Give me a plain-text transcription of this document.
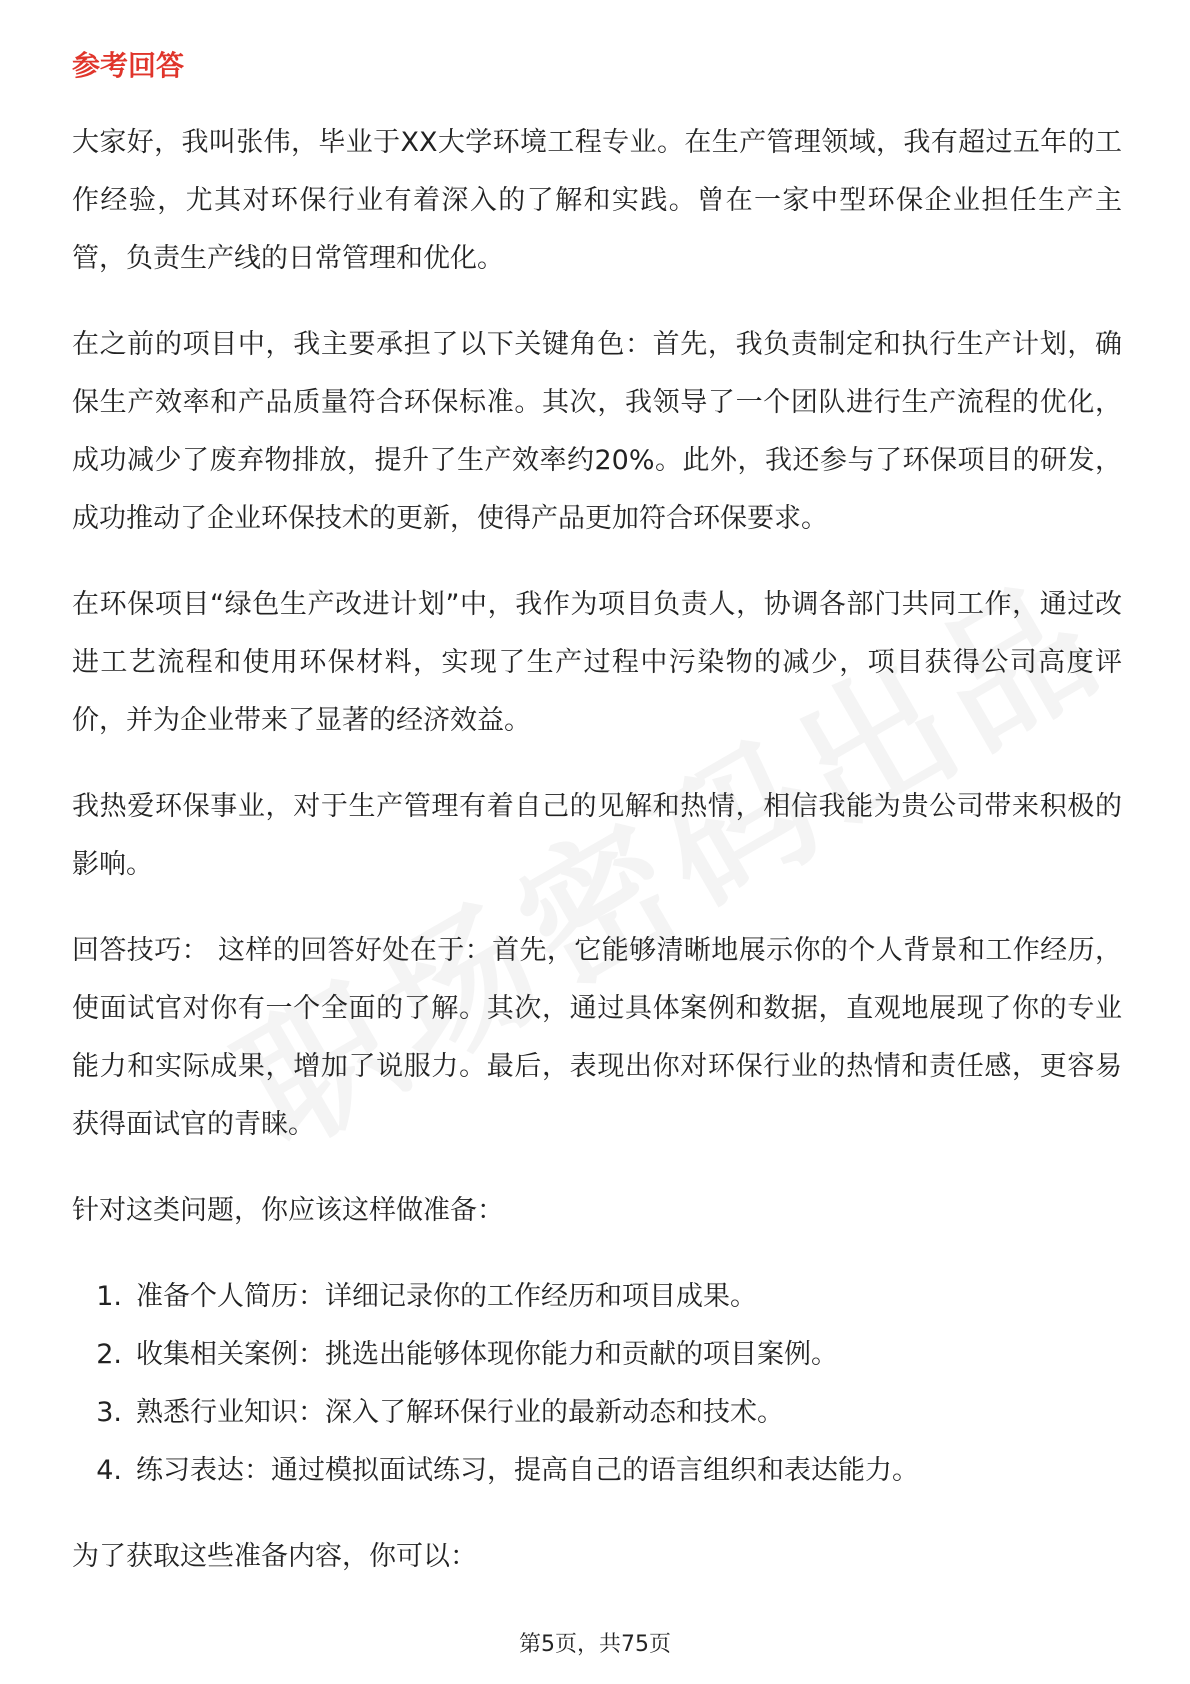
参考回答

大家好，我叫张伟，毕业于XX大学环境工程专业。在生产管理领域，我有超过五年的工作经验，尤其对环保行业有着深入的了解和实践。曾在一家中型环保企业担任生产主管，负责生产线的日常管理和优化。

在之前的项目中，我主要承担了以下关键角色：首先，我负责制定和执行生产计划，确保生产效率和产品质量符合环保标准。其次，我领导了一个团队进行生产流程的优化，成功减少了废弃物排放，提升了生产效率约20%。此外，我还参与了环保项目的研发，成功推动了企业环保技术的更新，使得产品更加符合环保要求。

在环保项目“绿色生产改进计划”中，我作为项目负责人，协调各部门共同工作，通过改进工艺流程和使用环保材料，实现了生产过程中污染物的减少，项目获得公司高度评价，并为企业带来了显著的经济效益。

我热爱环保事业，对于生产管理有着自己的见解和热情，相信我能为贵公司带来积极的影响。

回答技巧： 这样的回答好处在于：首先，它能够清晰地展示你的个人背景和工作经历，使面试官对你有一个全面的了解。其次，通过具体案例和数据，直观地展现了你的专业能力和实际成果，增加了说服力。最后，表现出你对环保行业的热情和责任感，更容易获得面试官的青睐。

针对这类问题，你应该这样做准备：

1. 准备个人简历：详细记录你的工作经历和项目成果。
2. 收集相关案例：挑选出能够体现你能力和贡献的项目案例。
3. 熟悉行业知识：深入了解环保行业的最新动态和技术。
4. 练习表达：通过模拟面试练习，提高自己的语言组织和表达能力。

为了获取这些准备内容，你可以：

第5页，共75页
